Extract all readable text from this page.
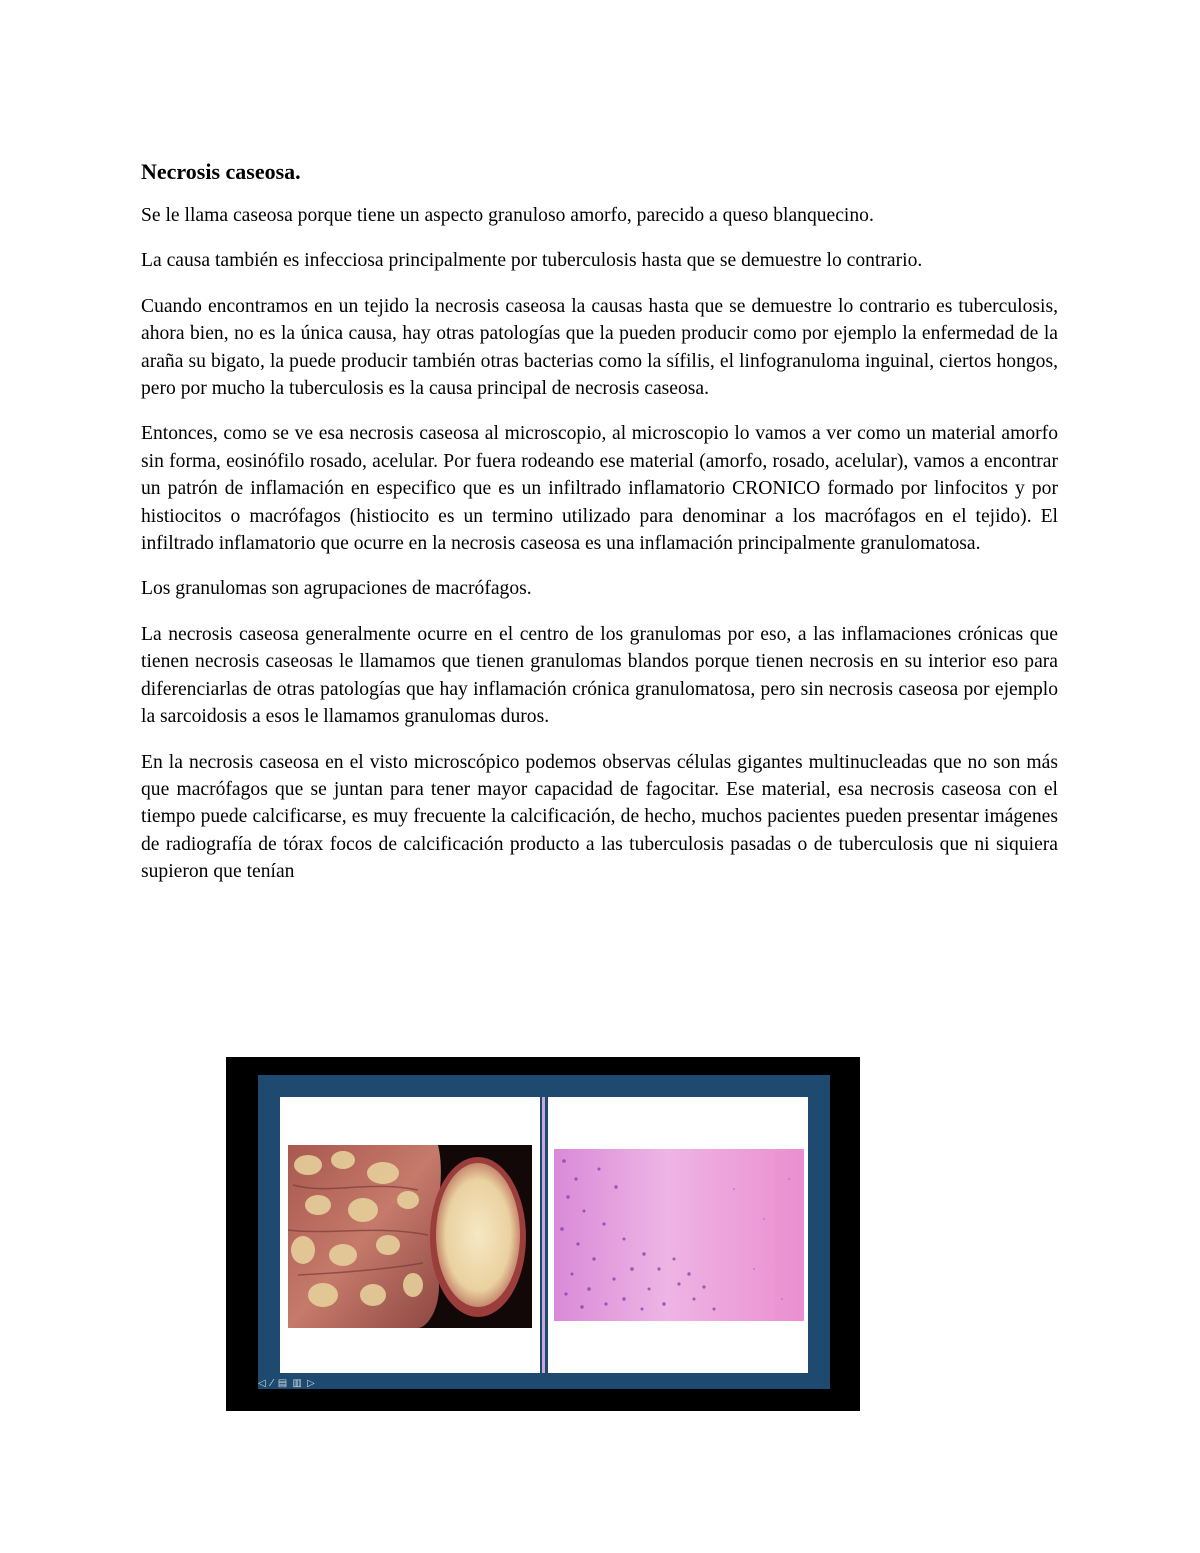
Necrosis caseosa.

Se le llama caseosa porque tiene un aspecto granuloso amorfo, parecido a queso blanquecino.

La causa también es infecciosa principalmente por tuberculosis hasta que se demuestre lo contrario.

Cuando encontramos en un tejido la necrosis caseosa la causas hasta que se demuestre lo contrario es tuberculosis, ahora bien, no es la única causa, hay otras patologías que la pueden producir como por ejemplo la enfermedad de la araña su bigato, la puede producir también otras bacterias como la sífilis, el linfogranuloma inguinal, ciertos hongos, pero por mucho la tuberculosis es la causa principal de necrosis caseosa.

Entonces, como se ve esa necrosis caseosa al microscopio, al microscopio lo vamos a ver como un material amorfo sin forma, eosinófilo rosado, acelular. Por fuera rodeando ese material (amorfo, rosado, acelular), vamos a encontrar un patrón de inflamación en especifico que es un infiltrado inflamatorio CRONICO formado por linfocitos y por histiocitos o macrófagos (histiocito es un termino utilizado para denominar a los macrófagos en el tejido). El infiltrado inflamatorio que ocurre en la necrosis caseosa es una inflamación principalmente granulomatosa.

Los granulomas son agrupaciones de macrófagos.

La necrosis caseosa generalmente ocurre en el centro de los granulomas por eso, a las inflamaciones crónicas que tienen necrosis caseosas le llamamos que tienen granulomas blandos porque tienen necrosis en su interior eso para diferenciarlas de otras patologías que hay inflamación crónica granulomatosa, pero sin necrosis caseosa por ejemplo la sarcoidosis a esos le llamamos granulomas duros.

En la necrosis caseosa en el visto microscópico podemos observas células gigantes multinucleadas que no son más que macrófagos que se juntan para tener mayor capacidad de fagocitar. Ese material, esa necrosis caseosa con el tiempo puede calcificarse, es muy frecuente la calcificación, de hecho, muchos pacientes pueden presentar imágenes de radiografía de tórax focos de calcificación producto a las tuberculosis pasadas o de tuberculosis que ni siquiera supieron que tenían

◁ ⁄ ▤ ▥ ▷
